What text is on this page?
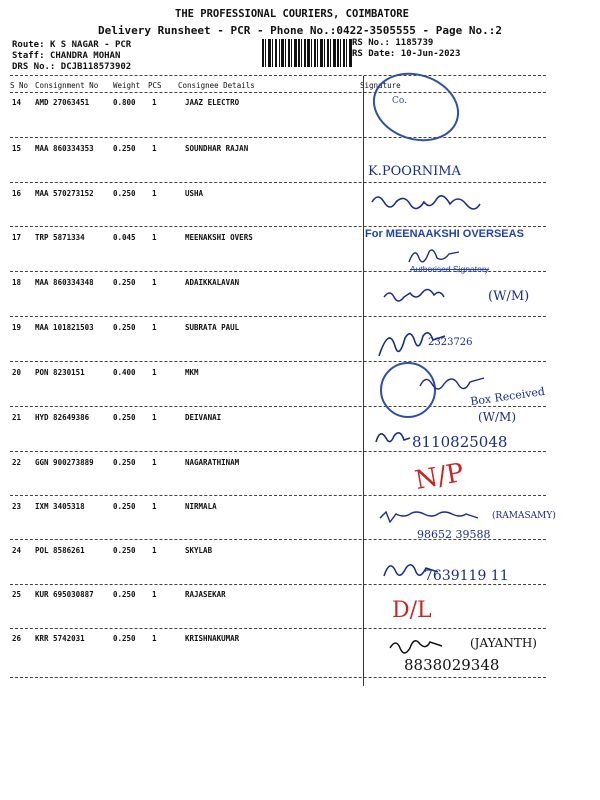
THE PROFESSIONAL COURIERS, COIMBATORE
Delivery Runsheet - PCR - Phone No.:0422-3505555 - Page No.:2
Route: K S NAGAR - PCR
Staff: CHANDRA MOHAN
DRS No.: DCJB118573902
RS No.: 1185739
RS Date: 10-Jun-2023
S No Consignment No Weight PCS Consignee Details	Signature
14 AMD 27063451	0.800 1	JAAZ ELECTRO
15 MAA 860334353	0.250 1	SOUNDHAR RAJAN
16 MAA 570273152	0.250 1	USHA
17 TRP 5871334	0.045 1	MEENAKSHI OVERS
18 MAA 860334348	0.250 1	ADAIKKALAVAN
19 MAA 101821503	0.250 1	SUBRATA PAUL
20 PON 8230151	0.400 1	MKM
21 HYD 82649386	0.250 1	DEIVANAI
22 GGN 900273889	0.250 1	NAGARATHINAM
23 IXM 3405318	0.250 1	NIRMALA
24 POL 8586261	0.250 1	SKYLAB
25 KUR 695030887	0.250 1	RAJASEKAR
26 KRR 5742031	0.250 1	KRISHNAKUMAR
Co.
K.POORNIMA
For MEENAAKSHI OVERSEAS
Authorised Signatory
(W/M)
2323726
Box Received
(W/M)
8110825048
N/P
(RAMASAMY)
98652 39588
7639119 11
D/L
(JAYANTH)
8838029348
